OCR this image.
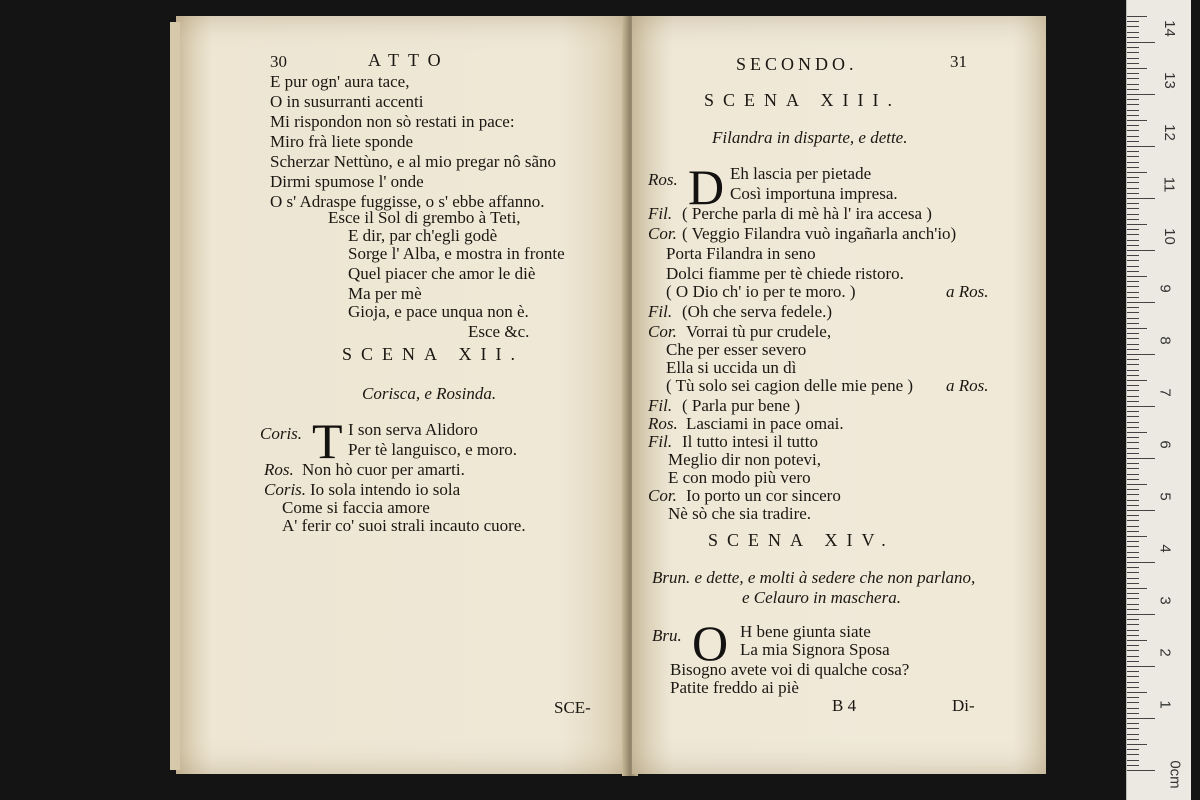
30	ATTO
E pur ogn' aura tace,
O in susurranti accenti
Mi rispondon non sò restati in pace:
Miro frà liete sponde
Scherzar Nettùno, e al mio pregar nô sãno
Dirmi spumose l' onde
O s' Adraspe fuggisse, o s' ebbe affanno.
Esce il Sol di grembo à Teti,
E dir, par ch'egli godè
Sorge l' Alba, e mostra in fronte
Quel piacer che amor le diè
Ma per mè
Gioja, e pace unqua non è.
Esce &c.
SCENA XII.
Corisca, e Rosinda.
Coris. T I son serva Alidoro
Per tè languisco, e moro.
Ros. Non hò cuor per amarti.
Coris. Io sola intendo io sola
Come si faccia amore
A' ferir co' suoi strali incauto cuore.
SCE-
SECONDO.	31
SCENA XIII.
Filandra in disparte, e dette.
Ros. D Eh lascia per pietade
Così importuna impresa.
Fil. ( Perche parla di mè hà l' ira accesa )
Cor. ( Veggio Filandra vuò ingañarla anch'io)
Porta Filandra in seno
Dolci fiamme per tè chiede ristoro.
( O Dio ch' io per te moro. )	a Ros.
Fil. (Oh che serva fedele.)
Cor. Vorrai tù pur crudele,
Che per esser severo
Ella si uccida un dì
( Tù solo sei cagion delle mie pene ) a Ros.
Fil. ( Parla pur bene )
Ros. Lasciami in pace omai.
Fil. Il tutto intesi il tutto
Meglio dir non potevi,
E con modo più vero
Cor. Io porto un cor sincero
Nè sò che sia tradire.
SCENA XIV.
Brun. e dette, e molti à sedere che non parlano,
e Celauro in maschera.
Bru. O H bene giunta siate
La mia Signora Sposa
Bisogno avete voi di qualche cosa?
Patite freddo ai piè
B 4	Di-
0cm
1
2
3
4
5
6
7
8
9
10
11
12
13
14
